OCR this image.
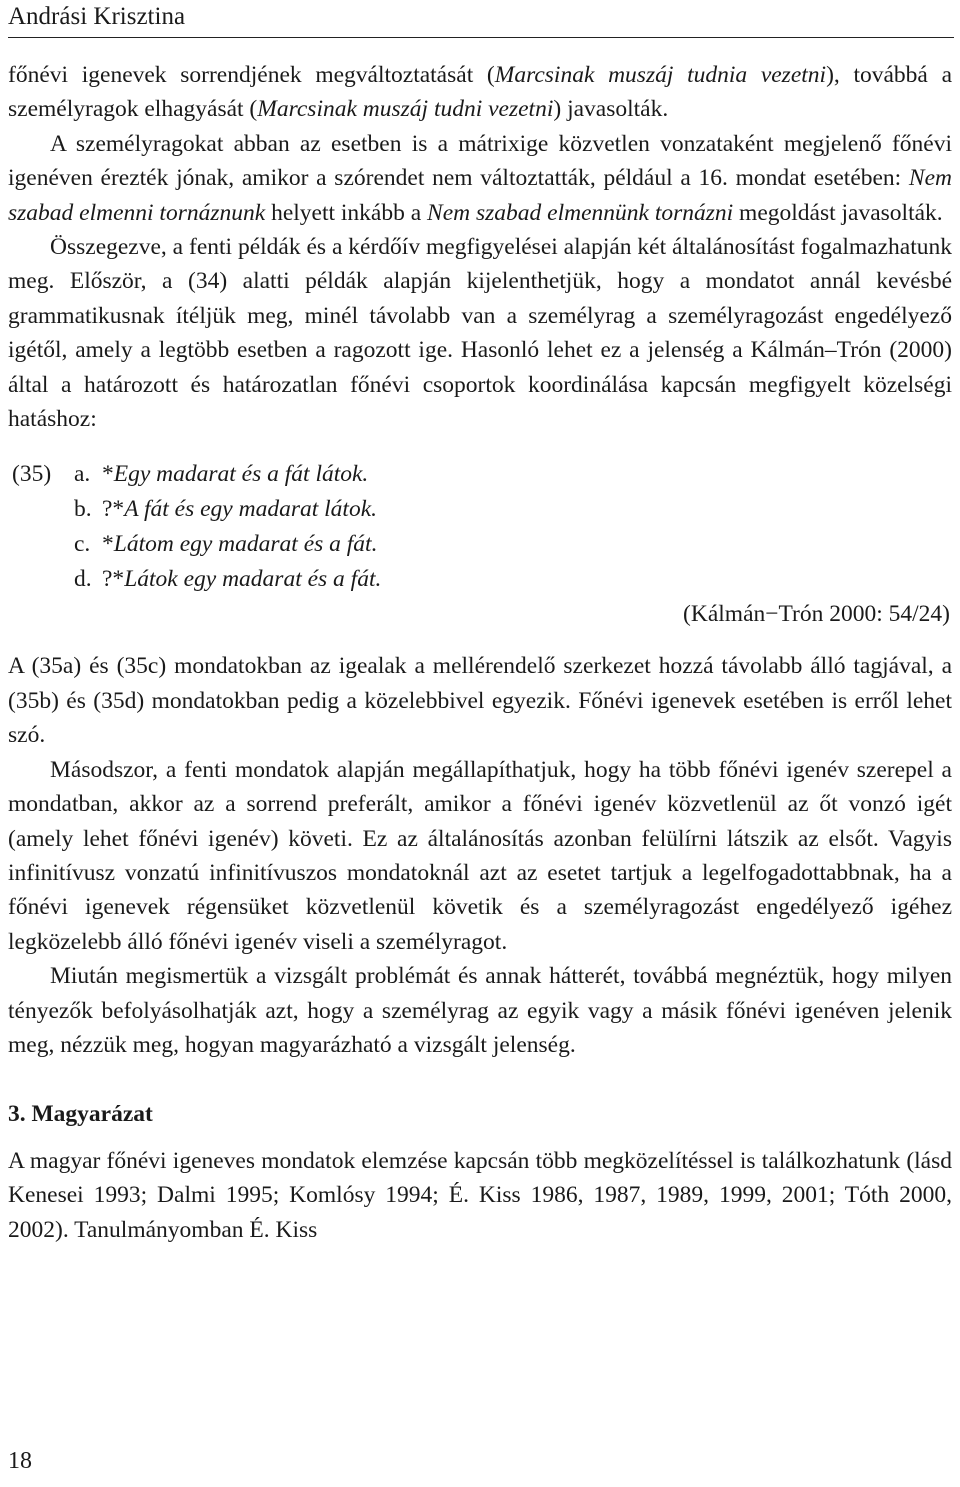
Andrási Krisztina

főnévi igenevek sorrendjének megváltoztatását (Marcsinak muszáj tudnia vezetni), továbbá a személyragok elhagyását (Marcsinak muszáj tudni vezetni) javasolták.

A személyragokat abban az esetben is a mátrixige közvetlen vonzataként megjelenő főnévi igenéven érezték jónak, amikor a szórendet nem változtatták, például a 16. mondat esetében: Nem szabad elmenni tornáznunk helyett inkább a Nem szabad elmennünk tornázni megoldást javasolták.

Összegezve, a fenti példák és a kérdőív megfigyelései alapján két általánosítást fogalmazhatunk meg. Először, a (34) alatti példák alapján kijelenthetjük, hogy a mondatot annál kevésbé grammatikusnak ítéljük meg, minél távolabb van a személyrag a személyragozást engedélyező igétől, amely a legtöbb esetben a ragozott ige. Hasonló lehet ez a jelenség a Kálmán–Trón (2000) által a határozott és határozatlan főnévi csoportok koordinálása kapcsán megfigyelt közelségi hatáshoz:

(35) a. * Egy madarat és a fát látok.
b. ?* A fát és egy madarat látok.
c. * Látom egy madarat és a fát.
d. ?* Látok egy madarat és a fát.
(Kálmán−Trón 2000: 54/24)

A (35a) és (35c) mondatokban az igealak a mellérendelő szerkezet hozzá távolabb álló tagjával, a (35b) és (35d) mondatokban pedig a közelebbivel egyezik. Főnévi igenevek esetében is erről lehet szó.

Másodszor, a fenti mondatok alapján megállapíthatjuk, hogy ha több főnévi igenév szerepel a mondatban, akkor az a sorrend preferált, amikor a főnévi igenév közvetlenül az őt vonzó igét (amely lehet főnévi igenév) követi. Ez az általánosítás azonban felülírni látszik az elsőt. Vagyis infinitívusz vonzatú infinitívuszos mondatoknál azt az esetet tartjuk a legelfogadottabbnak, ha a főnévi igenevek régensüket közvetlenül követik és a személyragozást engedélyező igéhez legközelebb álló főnévi igenév viseli a személyragot.

Miután megismertük a vizsgált problémát és annak hátterét, továbbá megnéztük, hogy milyen tényezők befolyásolhatják azt, hogy a személyrag az egyik vagy a másik főnévi igenéven jelenik meg, nézzük meg, hogyan magyarázható a vizsgált jelenség.

3. Magyarázat

A magyar főnévi igeneves mondatok elemzése kapcsán több megközelítéssel is találkozhatunk (lásd Kenesei 1993; Dalmi 1995; Komlósy 1994; É. Kiss 1986, 1987, 1989, 1999, 2001; Tóth 2000, 2002). Tanulmányomban É. Kiss

18
